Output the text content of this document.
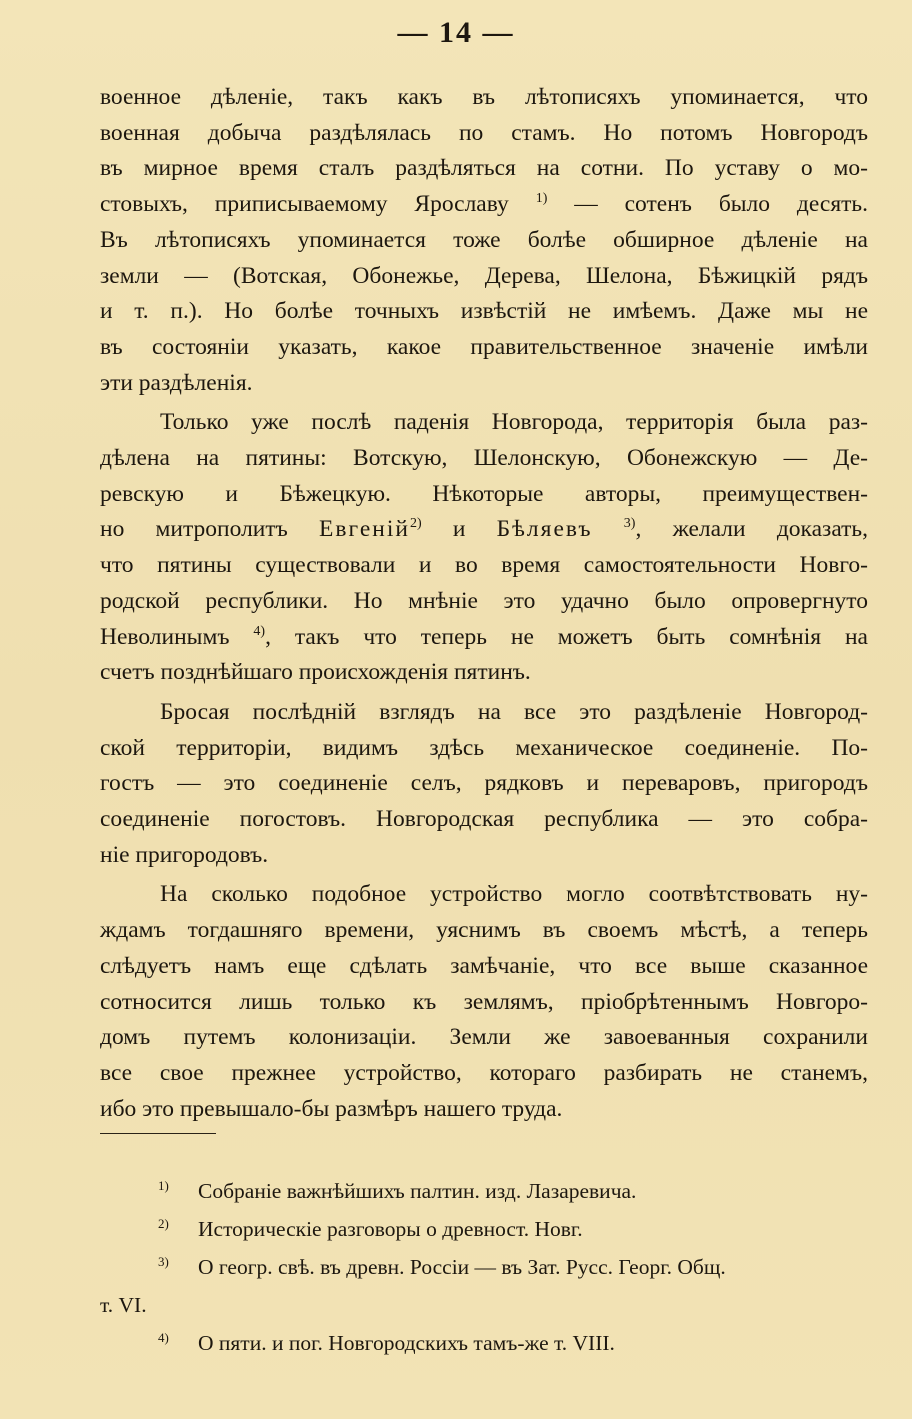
— 14 —

военное дѣленіе, такъ какъ въ лѣтописяхъ упоминается, что
военная добыча раздѣлялась по стамъ. Но потомъ Новгородъ
въ мирное время сталъ раздѣляться на сотни. По уставу о мо-
стовыхъ, приписываемому Ярославу $^{1)}$ — сотенъ было десять.
Въ лѣтописяхъ упоминается тоже болѣе обширное дѣленіе на
земли — (Вотская, Обонежье, Дерева, Шелона, Бѣжицкій рядъ
и т. п.). Но болѣе точныхъ извѣстій не имѣемъ. Даже мы не
въ состояніи указать, какое правительственное значеніе имѣли
эти раздѣленія.

Только уже послѣ паденія Новгорода, территорія была раз-
дѣлена на пятины: Вотскую, Шелонскую, Обонежскую — Де-
ревскую и Бѣжецкую. Нѣкоторые авторы, преимуществен-
но митрополитъ Евгеній$^{2)}$ и Бѣляевъ $^{3)}$, желали доказать,
что пятины существовали и во время самостоятельности Новго-
родской республики. Но мнѣніе это удачно было опровергнуто
Неволинымъ $^{4)}$, такъ что теперь не можетъ быть сомнѣнія на
счетъ позднѣйшаго происхожденія пятинъ.

Бросая послѣдній взглядъ на все это раздѣленіе Новгород-
ской территоріи, видимъ здѣсь механическое соединеніе. По-
гостъ — это соединеніе селъ, рядковъ и переваровъ, пригородъ
соединеніе погостовъ. Новгородская республика — это собра-
ніе пригородовъ.

На сколько подобное устройство могло соотвѣтствовать ну-
ждамъ тогдашняго времени, уяснимъ въ своемъ мѣстѣ, а теперь
слѣдуетъ намъ еще сдѣлать замѣчаніе, что все выше сказанное
сотносится лишь только къ землямъ, пріобрѣтеннымъ Новгоро-
домъ путемъ колонизаціи. Земли же завоеванныя сохранили
все свое прежнее устройство, котораго разбирать не станемъ,
ибо это превышало-бы размѣръ нашего труда.

$^{1)}$ Собраніе важнѣйшихъ палтин. изд. Лазаревича.
$^{2)}$ Историческіе разговоры о древност. Новг.
$^{3)}$ О геогр. свѣ. въ древн. Россіи — въ Зат. Русс. Георг. Общ.
т. VI.
$^{4)}$ О пяти. и пог. Новгородскихъ тамъ-же т. VIII.
